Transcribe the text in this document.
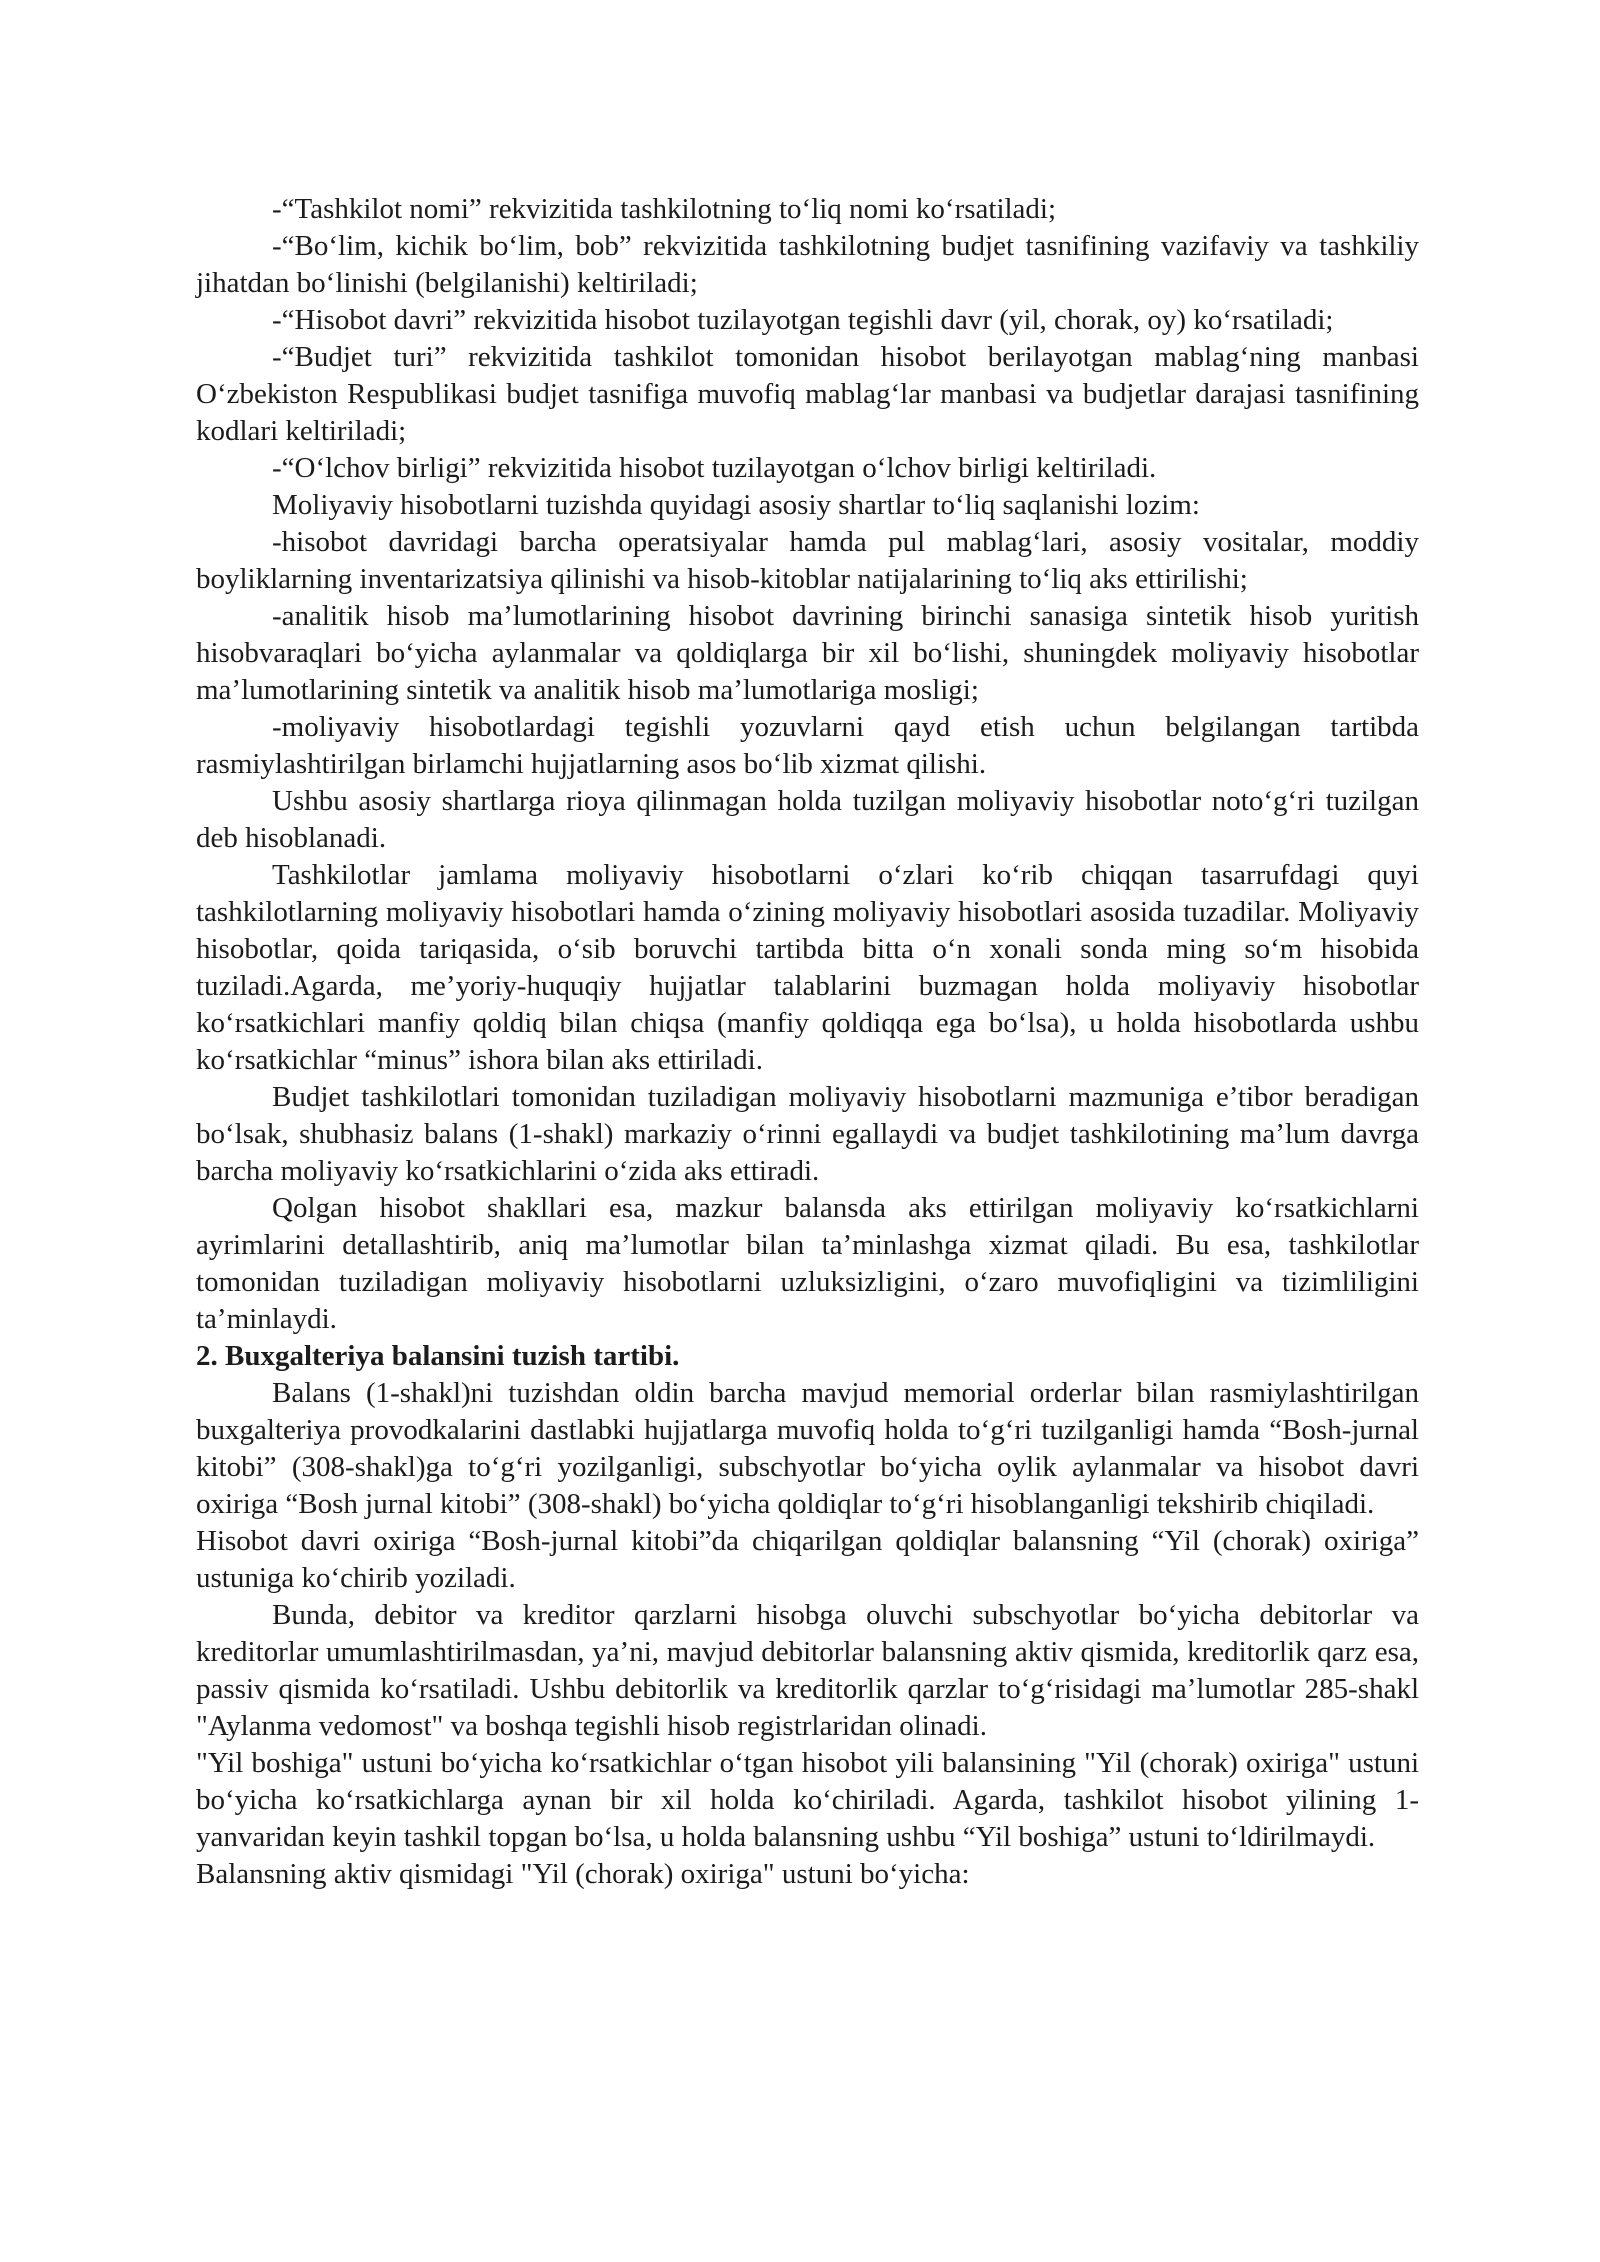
-“Tashkilot nomi” rekvizitida tashkilotning to‘liq nomi ko‘rsatiladi;

-“Bo‘lim, kichik bo‘lim, bob” rekvizitida tashkilotning budjet tasnifining vazifaviy va tashkiliy jihatdan bo‘linishi (belgilanishi) keltiriladi;

-“Hisobot davri” rekvizitida hisobot tuzilayotgan tegishli davr (yil, chorak, oy) ko‘rsatiladi;

-“Budjet turi” rekvizitida tashkilot tomonidan hisobot berilayotgan mablag‘ning manbasi O‘zbekiston Respublikasi budjet tasnifiga muvofiq mablag‘lar manbasi va budjetlar darajasi tasnifining kodlari keltiriladi;

-“O‘lchov birligi” rekvizitida hisobot tuzilayotgan o‘lchov birligi keltiriladi.

Moliyaviy hisobotlarni tuzishda quyidagi asosiy shartlar to‘liq saqlanishi lozim:

-hisobot davridagi barcha operatsiyalar hamda pul mablag‘lari, asosiy vositalar, moddiy boyliklarning inventarizatsiya qilinishi va hisob-kitoblar natijalarining to‘liq aks ettirilishi;

-analitik hisob ma’lumotlarining hisobot davrining birinchi sanasiga sintetik hisob yuritish hisobvaraqlari bo‘yicha aylanmalar va qoldiqlarga bir xil bo‘lishi, shuningdek moliyaviy hisobotlar ma’lumotlarining sintetik va analitik hisob ma’lumotlariga mosligi;

-moliyaviy hisobotlardagi tegishli yozuvlarni qayd etish uchun belgilangan tartibda rasmiylashtirilgan birlamchi hujjatlarning asos bo‘lib xizmat qilishi.

Ushbu asosiy shartlarga rioya qilinmagan holda tuzilgan moliyaviy hisobotlar noto‘g‘ri tuzilgan deb hisoblanadi.

Tashkilotlar jamlama moliyaviy hisobotlarni o‘zlari ko‘rib chiqqan tasarrufdagi quyi tashkilotlarning moliyaviy hisobotlari hamda o‘zining moliyaviy hisobotlari asosida tuzadilar. Moliyaviy hisobotlar, qoida tariqasida, o‘sib boruvchi tartibda bitta o‘n xonali sonda ming so‘m hisobida tuziladi.Agarda, me’yoriy-huquqiy hujjatlar talablarini buzmagan holda moliyaviy hisobotlar ko‘rsatkichlari manfiy qoldiq bilan chiqsa (manfiy qoldiqqa ega bo‘lsa), u holda hisobotlarda ushbu ko‘rsatkichlar “minus” ishora bilan aks ettiriladi.

Budjet tashkilotlari tomonidan tuziladigan moliyaviy hisobotlarni mazmuniga e’tibor beradigan bo‘lsak, shubhasiz balans (1-shakl) markaziy o‘rinni egallaydi va budjet tashkilotining ma’lum davrga barcha moliyaviy ko‘rsatkichlarini o‘zida aks ettiradi.

Qolgan hisobot shakllari esa, mazkur balansda aks ettirilgan moliyaviy ko‘rsatkichlarni ayrimlarini detallashtirib, aniq ma’lumotlar bilan ta’minlashga xizmat qiladi. Bu esa, tashkilotlar tomonidan tuziladigan moliyaviy hisobotlarni uzluksizligini, o‘zaro muvofiqligini va tizimliligini ta’minlaydi.

2. Buxgalteriya balansini tuzish tartibi.

Balans (1-shakl)ni tuzishdan oldin barcha mavjud memorial orderlar bilan rasmiylashtirilgan buxgalteriya provodkalarini dastlabki hujjatlarga muvofiq holda to‘g‘ri tuzilganligi hamda “Bosh-jurnal kitobi” (308-shakl)ga to‘g‘ri yozilganligi, subschyotlar bo‘yicha oylik aylanmalar va hisobot davri oxiriga “Bosh jurnal kitobi” (308-shakl) bo‘yicha qoldiqlar to‘g‘ri hisoblanganligi tekshirib chiqiladi.

Hisobot davri oxiriga “Bosh-jurnal kitobi”da chiqarilgan qoldiqlar balansning “Yil (chorak) oxiriga” ustuniga ko‘chirib yoziladi.

Bunda, debitor va kreditor qarzlarni hisobga oluvchi subschyotlar bo‘yicha debitorlar va kreditorlar umumlashtirilmasdan, ya’ni, mavjud debitorlar balansning aktiv qismida, kreditorlik qarz esa, passiv qismida ko‘rsatiladi. Ushbu debitorlik va kreditorlik qarzlar to‘g‘risidagi ma’lumotlar 285-shakl "Aylanma vedomost" va boshqa tegishli hisob registrlaridan olinadi.

"Yil boshiga" ustuni bo‘yicha ko‘rsatkichlar o‘tgan hisobot yili balansining "Yil (chorak) oxiriga" ustuni bo‘yicha ko‘rsatkichlarga aynan bir xil holda ko‘chiriladi. Agarda, tashkilot hisobot yilining 1-yanvaridan keyin tashkil topgan bo‘lsa, u holda balansning ushbu “Yil boshiga” ustuni to‘ldirilmaydi.

Balansning aktiv qismidagi "Yil (chorak) oxiriga" ustuni bo‘yicha:
